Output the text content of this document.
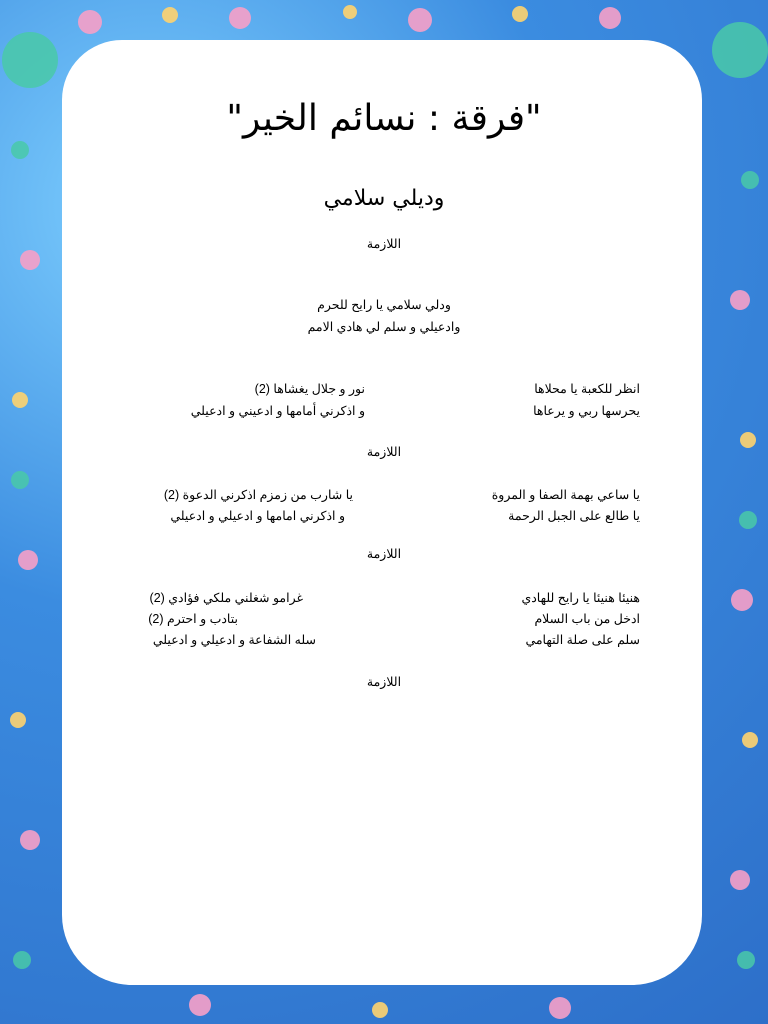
"فرقة : نسائم الخير"
وديلي سلامي
اللازمة
ودلي سلامي يا رايح للحرم
وادعيلي و سلم لي هادي الامم
انظر للكعبة يا محلاها
يحرسها ربي و يرعاها
نور و جلال يغشاها (2)
و اذكرني أمامها و ادعيني و ادعيلي
اللازمة
يا ساعي بهمة الصفا و المروة
يا طالع على الجبل الرحمة
يا شارب من زمزم اذكرني الدعوة (2)
و اذكرني امامها و ادعيلي و ادعيلي
اللازمة
هنيئا هنيئا يا رايح للهادي
ادخل من باب السلام
سلم على صلة التهامي
غرامو شغلني ملكي فؤادي (2)
بتادب و احترم (2)
سله الشفاعة و ادعيلي و ادعيلي
اللازمة
